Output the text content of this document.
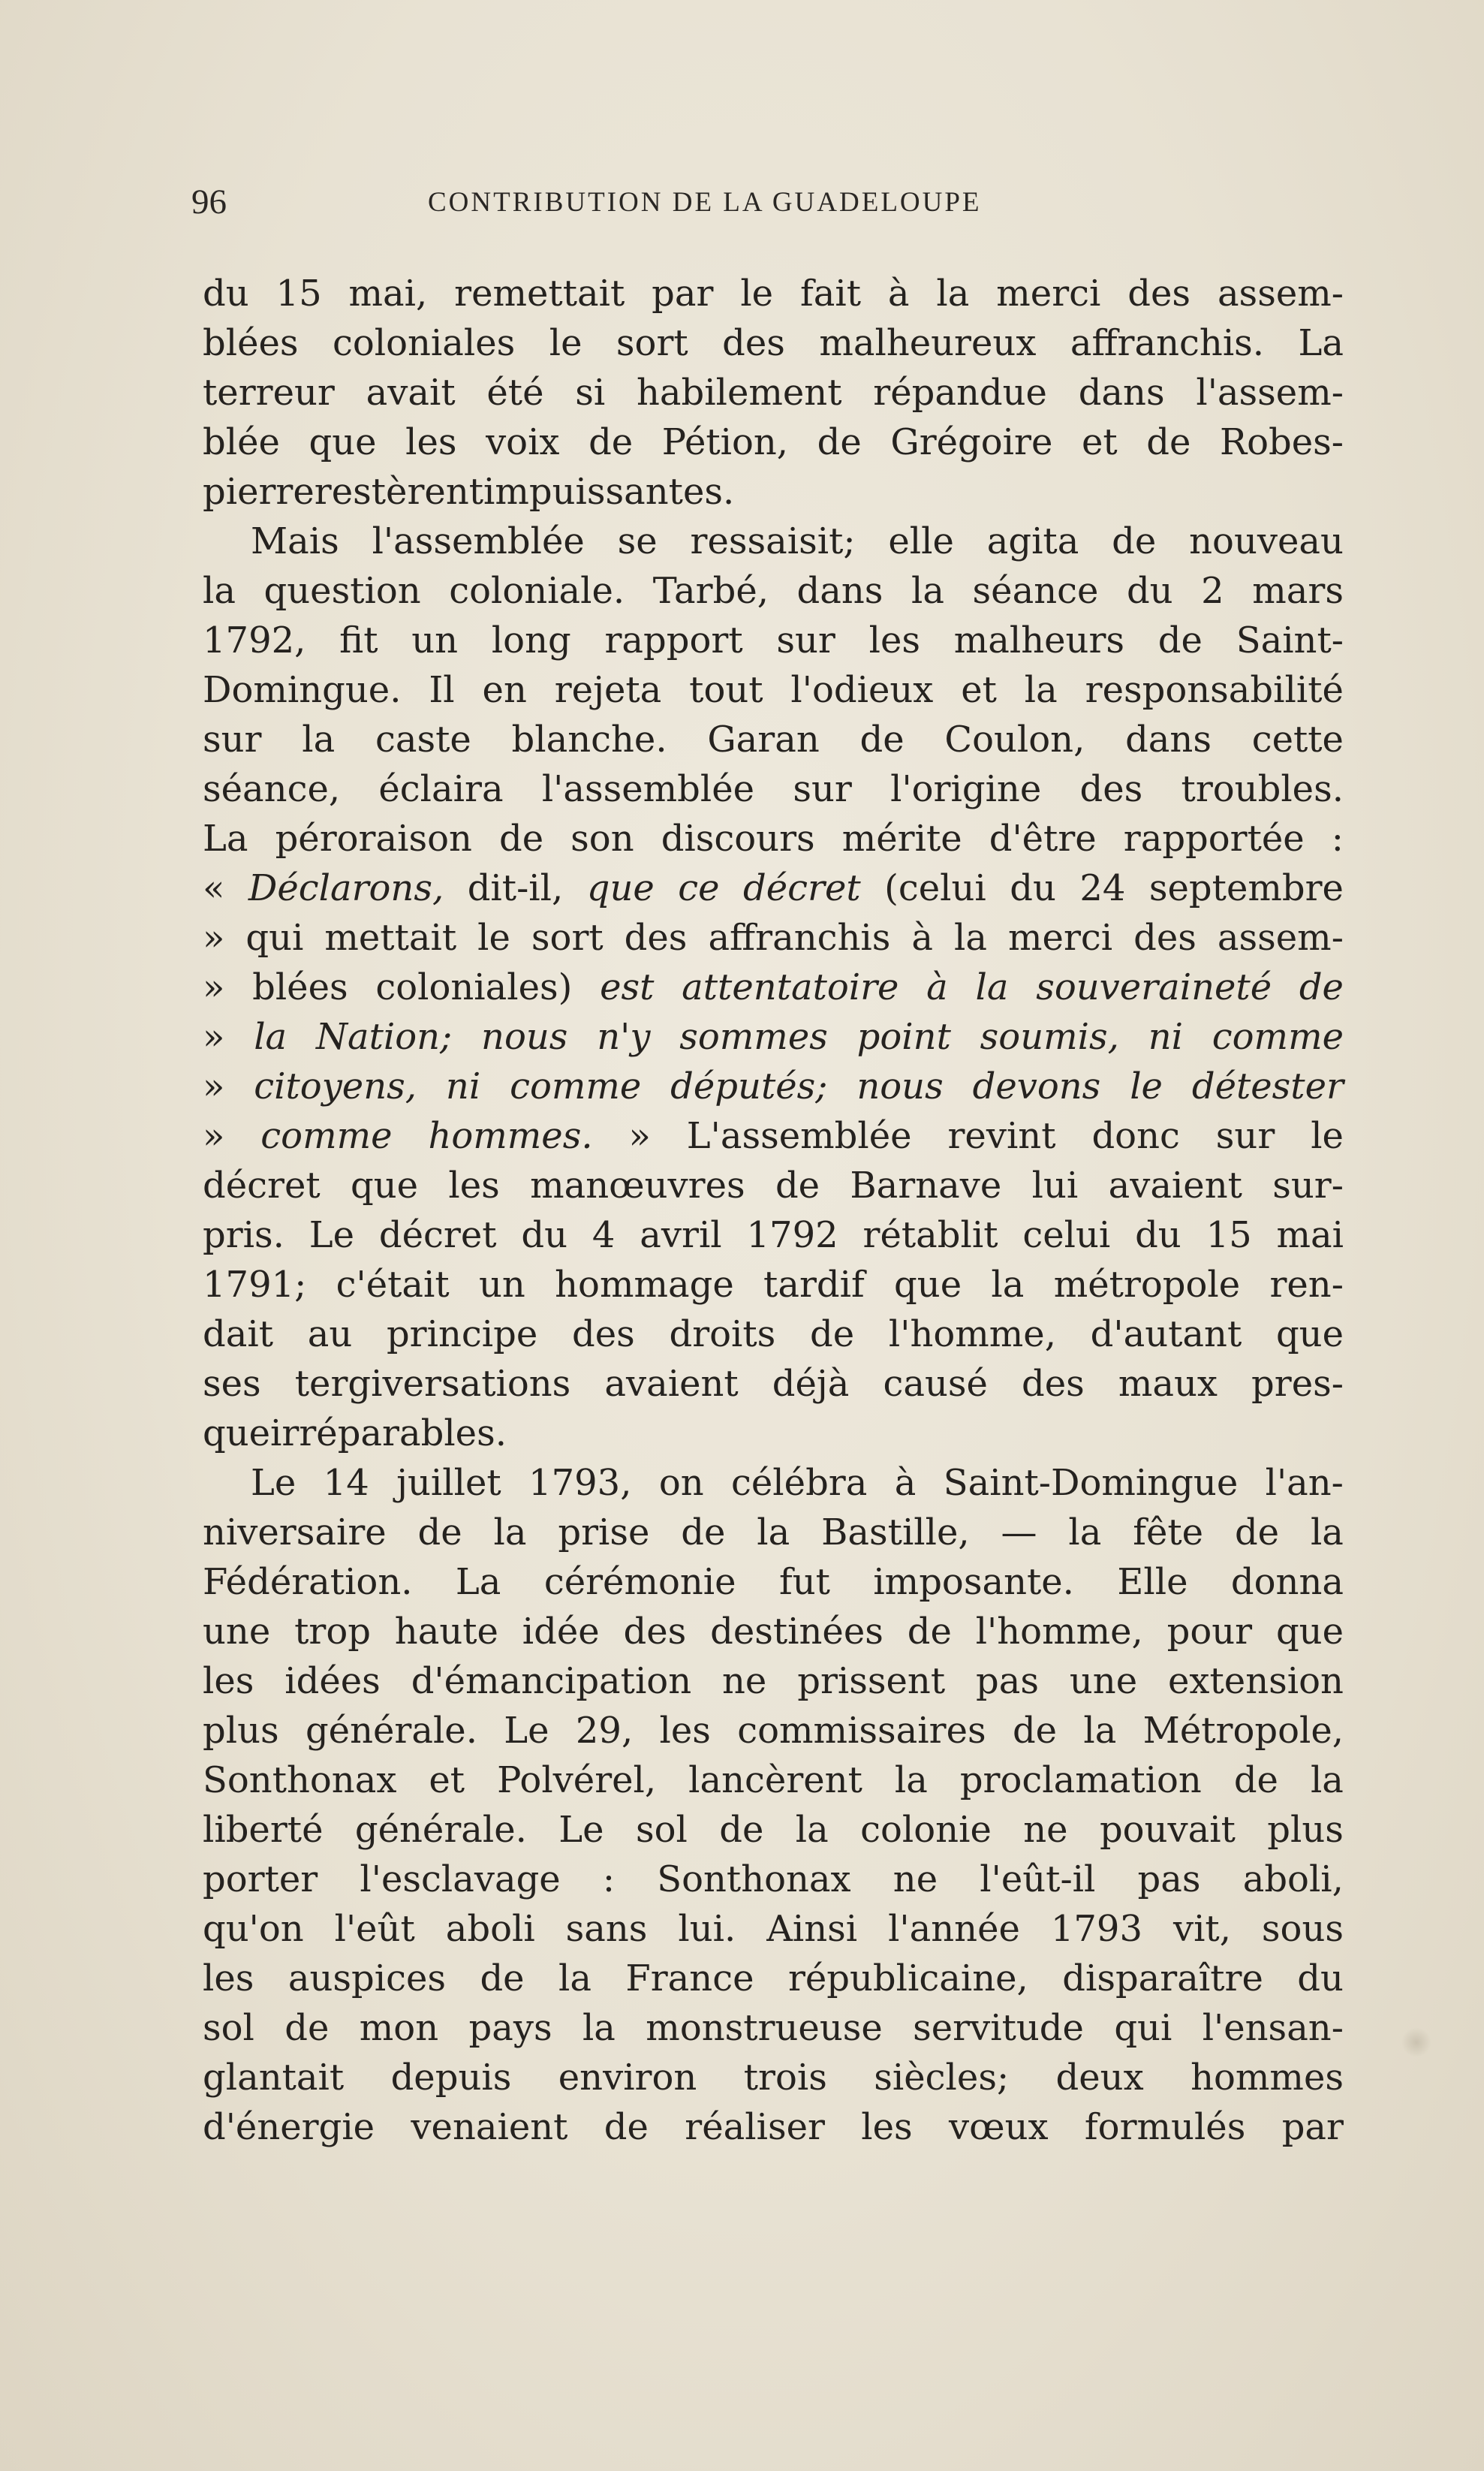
96	CONTRIBUTION DE LA GUADELOUPE
du 15 mai, remettait par le fait à la merci des assem-
blées coloniales le sort des malheureux affranchis. La
terreur avait été si habilement répandue dans l'assem-
blée que les voix de Pétion, de Grégoire et de Robes-
pierre restèrent impuissantes.
Mais l'assemblée se ressaisit; elle agita de nouveau
la question coloniale. Tarbé, dans la séance du 2 mars
1792, fit un long rapport sur les malheurs de Saint-
Domingue. Il en rejeta tout l'odieux et la responsabilité
sur la caste blanche. Garan de Coulon, dans cette
séance, éclaira l'assemblée sur l'origine des troubles.
La péroraison de son discours mérite d'être rapportée :
« Déclarons, dit-il, que ce décret (celui du 24 septembre
» qui mettait le sort des affranchis à la merci des assem-
» blées coloniales) est attentatoire à la souveraineté de
» la Nation; nous n'y sommes point soumis, ni comme
» citoyens, ni comme députés; nous devons le détester
» comme hommes. » L'assemblée revint donc sur le
décret que les manœuvres de Barnave lui avaient sur-
pris. Le décret du 4 avril 1792 rétablit celui du 15 mai
1791; c'était un hommage tardif que la métropole ren-
dait au principe des droits de l'homme, d'autant que
ses tergiversations avaient déjà causé des maux pres-
que irréparables.
Le 14 juillet 1793, on célébra à Saint-Domingue l'an-
niversaire de la prise de la Bastille, — la fête de la
Fédération. La cérémonie fut imposante. Elle donna
une trop haute idée des destinées de l'homme, pour que
les idées d'émancipation ne prissent pas une extension
plus générale. Le 29, les commissaires de la Métropole,
Sonthonax et Polvérel, lancèrent la proclamation de la
liberté générale. Le sol de la colonie ne pouvait plus
porter l'esclavage : Sonthonax ne l'eût-il pas aboli,
qu'on l'eût aboli sans lui. Ainsi l'année 1793 vit, sous
les auspices de la France républicaine, disparaître du
sol de mon pays la monstrueuse servitude qui l'ensan-
glantait depuis environ trois siècles; deux hommes
d'énergie venaient de réaliser les vœux formulés par
